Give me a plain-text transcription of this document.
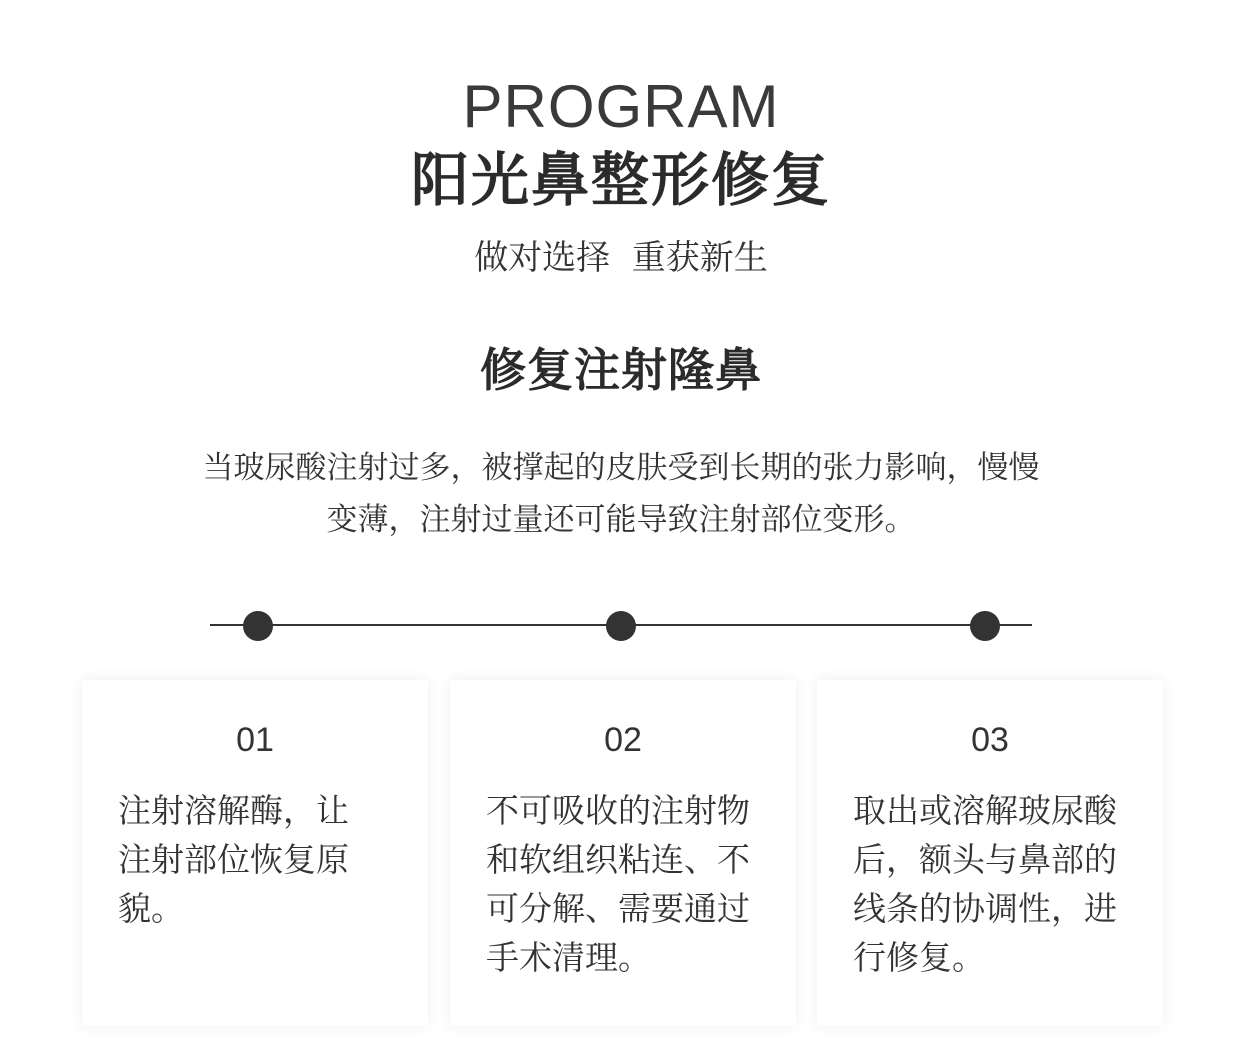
PROGRAM
阳光鼻整形修复
做对选择  重获新生
修复注射隆鼻
当玻尿酸注射过多，被撑起的皮肤受到长期的张力影响，慢慢
变薄，注射过量还可能导致注射部位变形。
01
注射溶解酶，让
注射部位恢复原
貌。
02
不可吸收的注射物
和软组织粘连、不
可分解、需要通过
手术清理。
03
取出或溶解玻尿酸
后，额头与鼻部的
线条的协调性，进
行修复。
